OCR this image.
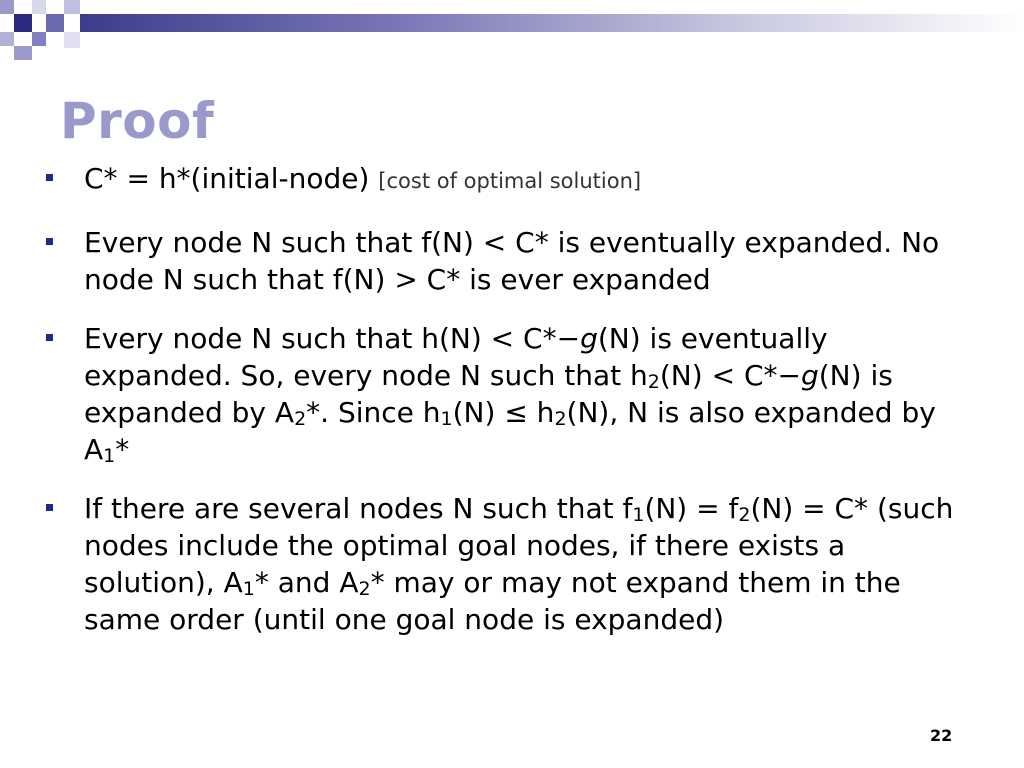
Proof
C* = h*(initial-node) [cost of optimal solution]
Every node N such that f(N) < C* is eventually expanded. No node N such that f(N) > C* is ever expanded
Every node N such that h(N) < C*−g(N) is eventually expanded. So, every node N such that $h_2(N) < C*-g(N)$ is expanded by $A_2*$. Since $h_1(N) \le h_2(N)$, N is also expanded by $A_1*$
If there are several nodes N such that $f_1(N) = f_2(N) = C*$ (such nodes include the optimal goal nodes, if there exists a solution), $A_1*$ and $A_2*$ may or may not expand them in the same order (until one goal node is expanded)
22
